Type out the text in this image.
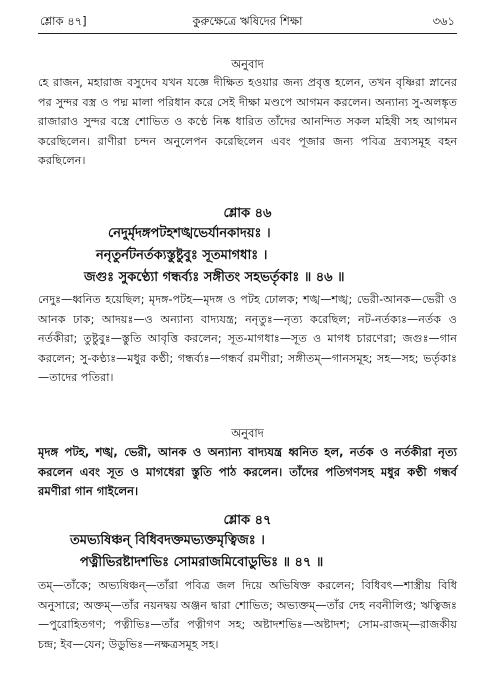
শ্লোক ৪৭]	কুরুক্ষেত্রে ঋষিদের শিক্ষা	৩৬১
অনুবাদ

হে রাজন, মহারাজ বসুদেব যখন যজ্ঞে দীক্ষিত হওয়ার জন্য প্রবৃত্ত হলেন, তখন বৃষ্ণিরা স্নানের পর সুন্দর বস্ত্র ও পদ্ম মালা পরিধান করে সেই দীক্ষা মণ্ডপে আগমন করলেন। অন্যান্য সু-অলঙ্কৃত রাজারাও সুন্দর বস্ত্রে শোভিত ও কণ্ঠে নিষ্ক ধারিত তাঁদের আনন্দিত সকল মহিষী সহ আগমন করেছিলেন। রাণীরা চন্দন অনুলেপন করেছিলেন এবং পূজার জন্য পবিত্র দ্রব্যসমূহ বহন করছিলেন।

শ্লোক ৪৬
নেদুর্মৃদঙ্গপটহশঙ্খভের্যানকাদয়ঃ ।
ননৃতুর্নটনর্তক্যস্তুষ্টুবুঃ সূতমাগধাঃ ।
জগুঃ সুকণ্ঠ্যো গন্ধর্ব্যঃ সঙ্গীতং সহভর্তৃকাঃ ॥ ৪৬ ॥

নেদুঃ—ধ্বনিত হয়েছিল; মৃদঙ্গ-পটহ—মৃদঙ্গ ও পটহ ঢোলক; শঙ্খ—শঙ্খ; ভেরী-আনক—ভেরী ও আনক ঢাক; আদয়ঃ—ও অন্যান্য বাদ্যযন্ত্র; ননৃতুঃ—নৃত্য করেছিল; নট-নর্তক্যঃ—নর্তক ও নর্তকীরা; তুষ্টুবুঃ—স্তুতি আবৃত্তি করলেন; সূত-মাগধাঃ—সূত ও মাগধ চারণেরা; জগুঃ—গান করলেন; সু-কণ্ঠ্যঃ—মধুর কণ্ঠী; গন্ধর্ব্যঃ—গন্ধর্ব রমণীরা; সঙ্গীতম্—গানসমূহ; সহ—সহ; ভর্তৃকাঃ—তাদের পতিরা।

অনুবাদ

মৃদঙ্গ পটহ, শঙ্খ, ভেরী, আনক ও অন্যান্য বাদ্যযন্ত্র ধ্বনিত হল, নর্তক ও নর্তকীরা নৃত্য করলেন এবং সূত ও মাগধেরা স্তুতি পাঠ করলেন। তাঁদের পতিগণসহ মধুর কণ্ঠী গন্ধর্ব রমণীরা গান গাইলেন।

শ্লোক ৪৭
তমভ্যষিঞ্চন্ বিধিবদক্তমভ্যক্তমৃত্বিজঃ ।
পত্নীভিরষ্টাদশভিঃ সোমরাজমিবোডুভিঃ ॥ ৪৭ ॥

তম্—তাঁকে; অভ্যষিঞ্চন্—তাঁরা পবিত্র জল দিয়ে অভিষিক্ত করলেন; বিধিবৎ—শাস্ত্রীয় বিধি অনুসারে; অক্তম্—তাঁর নয়নদ্বয় অঞ্জন দ্বারা শোভিত; অভ্যক্তম্—তাঁর দেহ নবনীলিপ্ত; ঋত্বিজঃ—পুরোহিতগণ; পত্নীভিঃ—তাঁর পত্নীগণ সহ; অষ্টাদশভিঃ—অষ্টাদশ; সোম-রাজম্—রাজকীয় চন্দ্র; ইব—যেন; উডুভিঃ—নক্ষত্রসমূহ সহ।
